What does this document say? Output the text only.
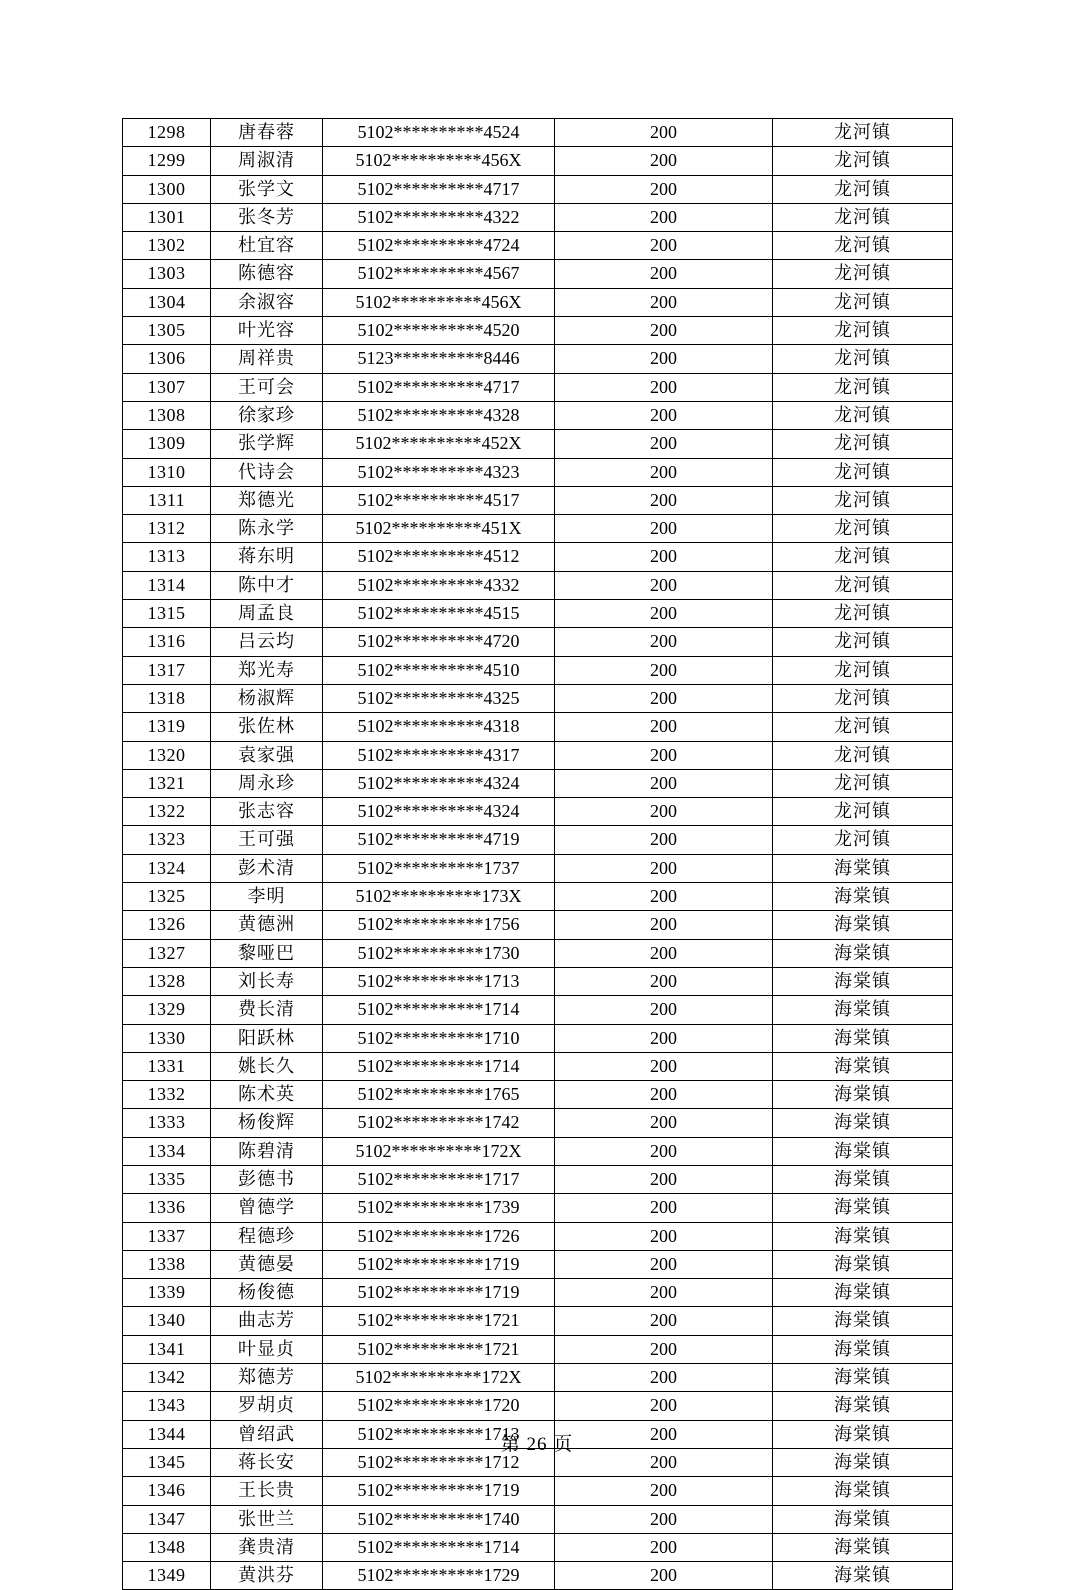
1298	唐春蓉	5102**********4524	200	龙河镇
1299	周淑清	5102**********456X	200	龙河镇
1300	张学文	5102**********4717	200	龙河镇
1301	张冬芳	5102**********4322	200	龙河镇
1302	杜宜容	5102**********4724	200	龙河镇
1303	陈德容	5102**********4567	200	龙河镇
1304	余淑容	5102**********456X	200	龙河镇
1305	叶光容	5102**********4520	200	龙河镇
1306	周祥贵	5123**********8446	200	龙河镇
1307	王可会	5102**********4717	200	龙河镇
1308	徐家珍	5102**********4328	200	龙河镇
1309	张学辉	5102**********452X	200	龙河镇
1310	代诗会	5102**********4323	200	龙河镇
1311	郑德光	5102**********4517	200	龙河镇
1312	陈永学	5102**********451X	200	龙河镇
1313	蒋东明	5102**********4512	200	龙河镇
1314	陈中才	5102**********4332	200	龙河镇
1315	周孟良	5102**********4515	200	龙河镇
1316	吕云均	5102**********4720	200	龙河镇
1317	郑光寿	5102**********4510	200	龙河镇
1318	杨淑辉	5102**********4325	200	龙河镇
1319	张佐林	5102**********4318	200	龙河镇
1320	袁家强	5102**********4317	200	龙河镇
1321	周永珍	5102**********4324	200	龙河镇
1322	张志容	5102**********4324	200	龙河镇
1323	王可强	5102**********4719	200	龙河镇
1324	彭术清	5102**********1737	200	海棠镇
1325	李明	5102**********173X	200	海棠镇
1326	黄德洲	5102**********1756	200	海棠镇
1327	黎哑巴	5102**********1730	200	海棠镇
1328	刘长寿	5102**********1713	200	海棠镇
1329	费长清	5102**********1714	200	海棠镇
1330	阳跃林	5102**********1710	200	海棠镇
1331	姚长久	5102**********1714	200	海棠镇
1332	陈术英	5102**********1765	200	海棠镇
1333	杨俊辉	5102**********1742	200	海棠镇
1334	陈碧清	5102**********172X	200	海棠镇
1335	彭德书	5102**********1717	200	海棠镇
1336	曾德学	5102**********1739	200	海棠镇
1337	程德珍	5102**********1726	200	海棠镇
1338	黄德晏	5102**********1719	200	海棠镇
1339	杨俊德	5102**********1719	200	海棠镇
1340	曲志芳	5102**********1721	200	海棠镇
1341	叶显贞	5102**********1721	200	海棠镇
1342	郑德芳	5102**********172X	200	海棠镇
1343	罗胡贞	5102**********1720	200	海棠镇
1344	曾绍武	5102**********1713	200	海棠镇
1345	蒋长安	5102**********1712	200	海棠镇
1346	王长贵	5102**********1719	200	海棠镇
1347	张世兰	5102**********1740	200	海棠镇
1348	龚贵清	5102**********1714	200	海棠镇
1349	黄洪芬	5102**********1729	200	海棠镇
第 26 页
